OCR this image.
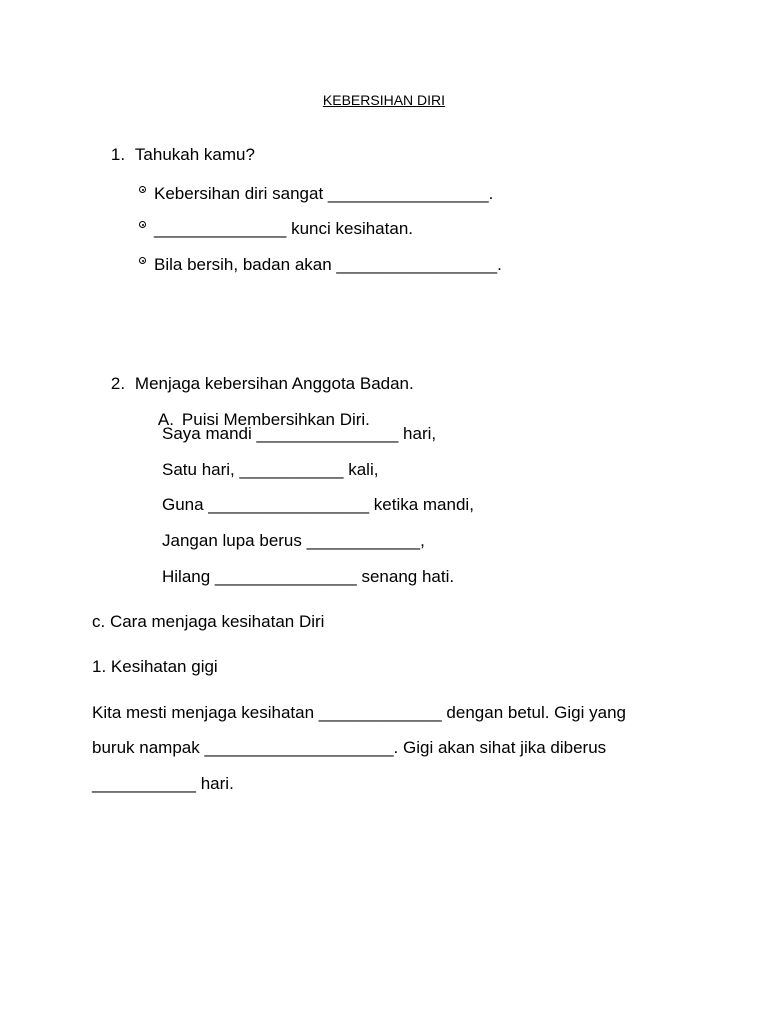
KEBERSIHAN DIRI

1. Tahukah kamu?

Kebersihan diri sangat _________________.
______________ kunci kesihatan.
Bila bersih, badan akan _________________.

2. Menjaga kebersihan Anggota Badan.

A. Puisi Membersihkan Diri.

Saya mandi _______________ hari,
Satu hari, ___________ kali,
Guna _________________ ketika mandi,
Jangan lupa berus ____________,
Hilang _______________ senang hati.
c. Cara menjaga kesihatan Diri
1. Kesihatan gigi
Kita mesti menjaga kesihatan _____________ dengan betul. Gigi yang
buruk nampak ____________________. Gigi akan sihat jika diberus
___________ hari.
